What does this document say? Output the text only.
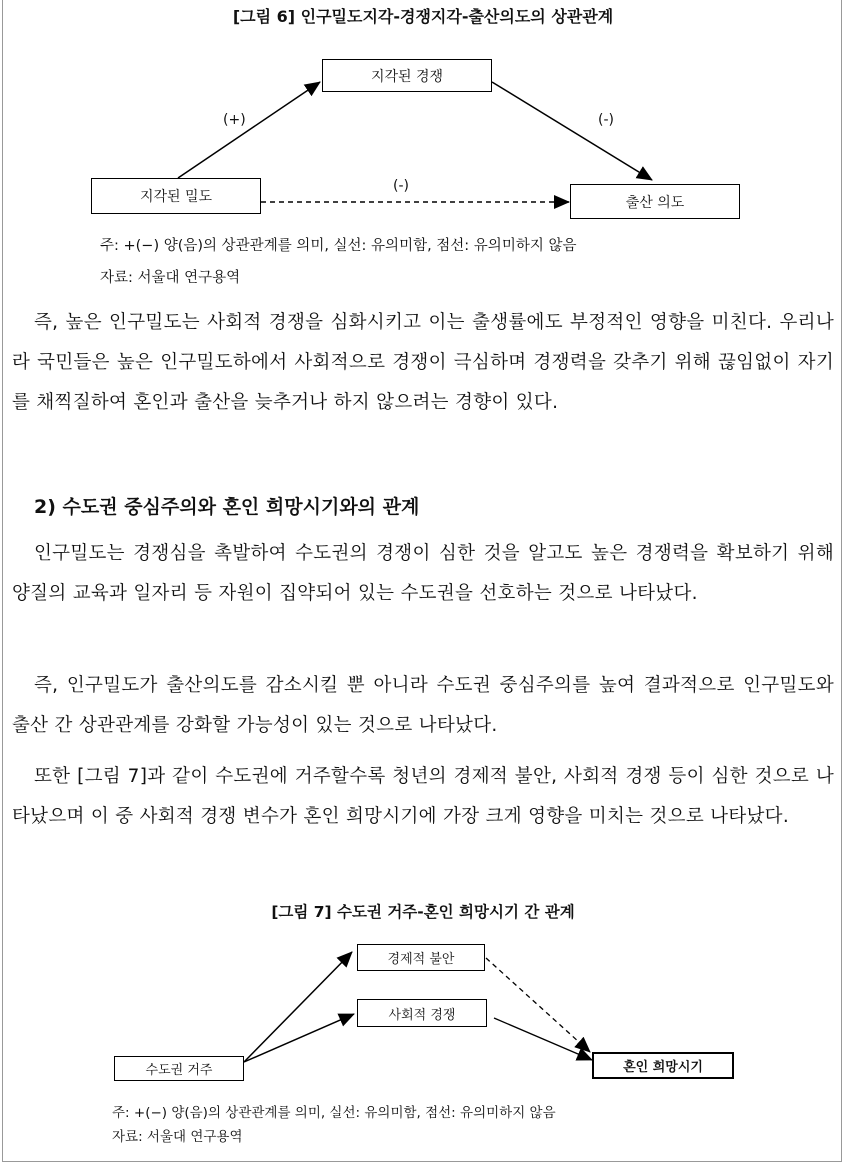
[그림 6] 인구밀도지각-경쟁지각-출산의도의 상관관계
지각된 경쟁
지각된 밀도	출산 의도
(+)	(-)
(-)
주: +(−) 양(음)의 상관관계를 의미, 실선: 유의미함, 점선: 유의미하지 않음
자료: 서울대 연구용역

즉, 높은 인구밀도는 사회적 경쟁을 심화시키고 이는 출생률에도 부정적인 영향을 미친다. 우리나라 국민들은 높은 인구밀도하에서 사회적으로 경쟁이 극심하며 경쟁력을 갖추기 위해 끊임없이 자기를 채찍질하여 혼인과 출산을 늦추거나 하지 않으려는 경향이 있다.

2) 수도권 중심주의와 혼인 희망시기와의 관계

인구밀도는 경쟁심을 촉발하여 수도권의 경쟁이 심한 것을 알고도 높은 경쟁력을 확보하기 위해 양질의 교육과 일자리 등 자원이 집약되어 있는 수도권을 선호하는 것으로 나타났다.

즉, 인구밀도가 출산의도를 감소시킬 뿐 아니라 수도권 중심주의를 높여 결과적으로 인구밀도와 출산 간 상관관계를 강화할 가능성이 있는 것으로 나타났다.

또한 [그림 7]과 같이 수도권에 거주할수록 청년의 경제적 불안, 사회적 경쟁 등이 심한 것으로 나타났으며 이 중 사회적 경쟁 변수가 혼인 희망시기에 가장 크게 영향을 미치는 것으로 나타났다.

[그림 7] 수도권 거주-혼인 희망시기 간 관계
경제적 불안
사회적 경쟁
수도권 거주	혼인 희망시기
주: +(−) 양(음)의 상관관계를 의미, 실선: 유의미함, 점선: 유의미하지 않음
자료: 서울대 연구용역
